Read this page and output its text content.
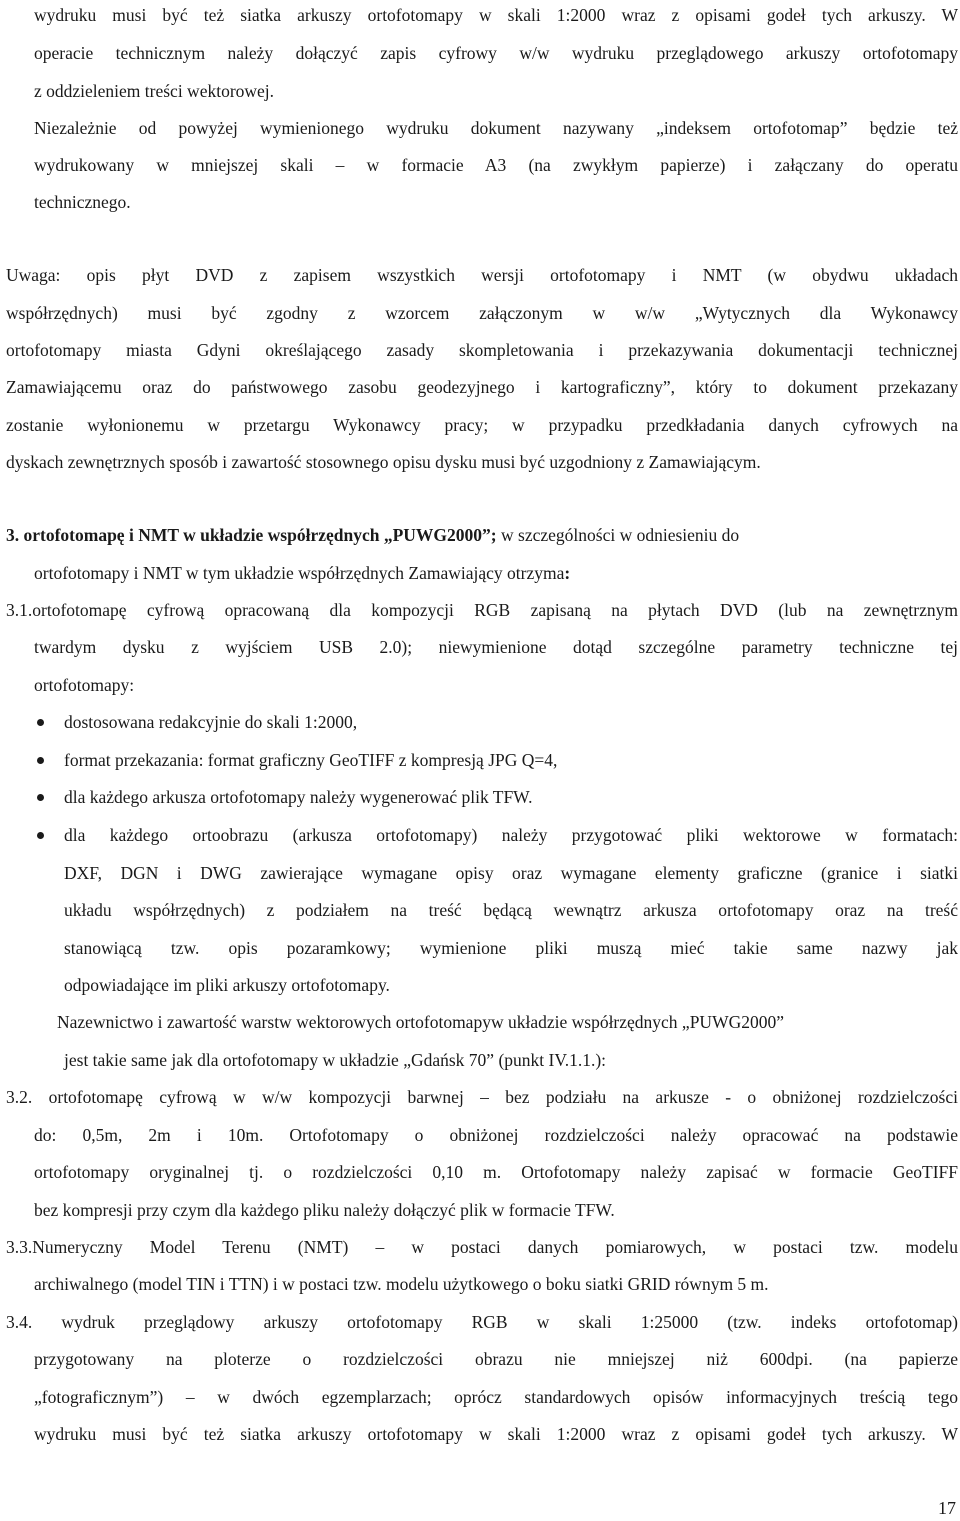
wydruku musi być też siatka arkuszy ortofotomapy w skali 1:2000 wraz z opisami godeł tych arkuszy. W
operacie technicznym należy dołączyć zapis cyfrowy w/w wydruku przeglądowego arkuszy ortofotomapy
z oddzieleniem treści wektorowej.
Niezależnie od powyżej wymienionego wydruku dokument nazywany „indeksem ortofotomap” będzie też
wydrukowany w mniejszej skali – w formacie A3 (na zwykłym papierze) i załączany do operatu
technicznego.
Uwaga: opis płyt DVD z zapisem wszystkich wersji ortofotomapy i NMT (w obydwu układach
współrzędnych) musi być zgodny z wzorcem załączonym w w/w „Wytycznych dla Wykonawcy
ortofotomapy miasta Gdyni określającego zasady skompletowania i przekazywania dokumentacji technicznej
Zamawiającemu oraz do państwowego zasobu geodezyjnego i kartograficzny”, który to dokument przekazany
zostanie wyłonionemu w przetargu Wykonawcy pracy; w przypadku przedkładania danych cyfrowych na
dyskach zewnętrznych sposób i zawartość stosownego opisu dysku musi być uzgodniony z Zamawiającym.
3. ortofotomapę i NMT w układzie współrzędnych „PUWG2000”; w szczególności w odniesieniu do
ortofotomapy i NMT w tym układzie współrzędnych Zamawiający otrzyma:
3.1.ortofotomapę cyfrową opracowaną dla kompozycji RGB zapisaną na płytach DVD (lub na zewnętrznym
twardym dysku z wyjściem USB 2.0); niewymienione dotąd szczególne parametry techniczne tej
ortofotomapy:
dostosowana redakcyjnie do skali 1:2000,
format przekazania: format graficzny GeoTIFF z kompresją JPG Q=4,
dla każdego arkusza ortofotomapy należy wygenerować plik TFW.
dla każdego ortoobrazu (arkusza ortofotomapy) należy przygotować pliki wektorowe w formatach:
DXF, DGN i DWG zawierające wymagane opisy oraz wymagane elementy graficzne (granice i siatki
układu współrzędnych) z podziałem na treść będącą wewnątrz arkusza ortofotomapy oraz na treść
stanowiącą tzw. opis pozaramkowy; wymienione pliki muszą mieć takie same nazwy jak
odpowiadające im pliki arkuszy ortofotomapy.
Nazewnictwo i zawartość warstw wektorowych ortofotomapyw układzie współrzędnych „PUWG2000”
jest takie same jak dla ortofotomapy w układzie „Gdańsk 70” (punkt IV.1.1.):
3.2. ortofotomapę cyfrową w w/w kompozycji barwnej – bez podziału na arkusze - o obniżonej rozdzielczości
do: 0,5m, 2m i 10m. Ortofotomapy o obniżonej rozdzielczości należy opracować na podstawie
ortofotomapy oryginalnej tj. o rozdzielczości 0,10 m. Ortofotomapy należy zapisać w formacie GeoTIFF
bez kompresji przy czym dla każdego pliku należy dołączyć plik w formacie TFW.
3.3.Numeryczny Model Terenu (NMT) – w postaci danych pomiarowych, w postaci tzw. modelu
archiwalnego (model TIN i TTN) i w postaci tzw. modelu użytkowego o boku siatki GRID równym 5 m.
3.4. wydruk przeglądowy arkuszy ortofotomapy RGB w skali 1:25000 (tzw. indeks ortofotomap)
przygotowany na ploterze o rozdzielczości obrazu nie mniejszej niż 600dpi. (na papierze
„fotograficznym”) – w dwóch egzemplarzach; oprócz standardowych opisów informacyjnych treścią tego
wydruku musi być też siatka arkuszy ortofotomapy w skali 1:2000 wraz z opisami godeł tych arkuszy. W
17
